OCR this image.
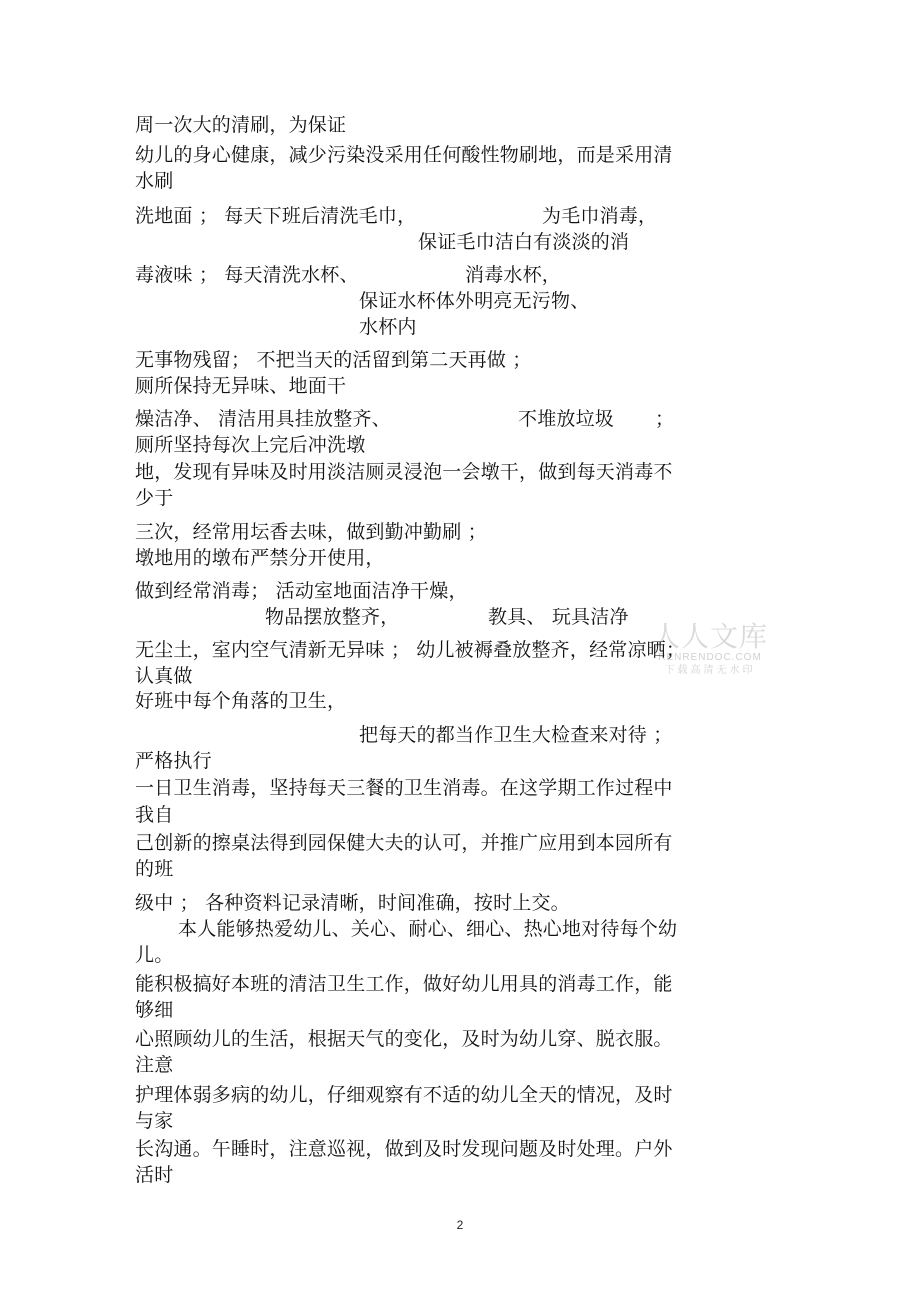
人人文库
RENRENDOC.COM
下载高清无水印
周一次大的清刷，为保证
幼儿的身心健康，减少污染没采用任何酸性物刷地，而是采用清
水刷
洗地面 ； 每天下班后清洗毛巾，	为毛巾消毒，
保证毛巾洁白有淡淡的消
毒液味 ； 每天清洗水杯、	消毒水杯，
保证水杯体外明亮无污物、
水杯内
无事物残留； 不把当天的活留到第二天再做 ；
厕所保持无异味、地面干
燥洁净、 清洁用具挂放整齐、	不堆放垃圾 ；
厕所坚持每次上完后冲洗墩
地，发现有异味及时用淡洁厕灵浸泡一会墩干，做到每天消毒不
少于
三次，经常用坛香去味，做到勤冲勤刷 ；
墩地用的墩布严禁分开使用，
做到经常消毒； 活动室地面洁净干燥，
物品摆放整齐，	教具、 玩具洁净
无尘土，室内空气清新无异味 ； 幼儿被褥叠放整齐，经常凉晒；
认真做
好班中每个角落的卫生，
把每天的都当作卫生大检查来对待 ；
严格执行
一日卫生消毒，坚持每天三餐的卫生消毒。在这学期工作过程中
我自
己创新的擦桌法得到园保健大夫的认可，并推广应用到本园所有
的班
级中 ； 各种资料记录清晰，时间准确，按时上交。
本人能够热爱幼儿、关心、耐心、细心、热心地对待每个幼
儿。
能积极搞好本班的清洁卫生工作，做好幼儿用具的消毒工作，能
够细
心照顾幼儿的生活，根据天气的变化，及时为幼儿穿、脱衣服。
注意
护理体弱多病的幼儿，仔细观察有不适的幼儿全天的情况，及时
与家
长沟通。午睡时，注意巡视，做到及时发现问题及时处理。户外
活时
2
